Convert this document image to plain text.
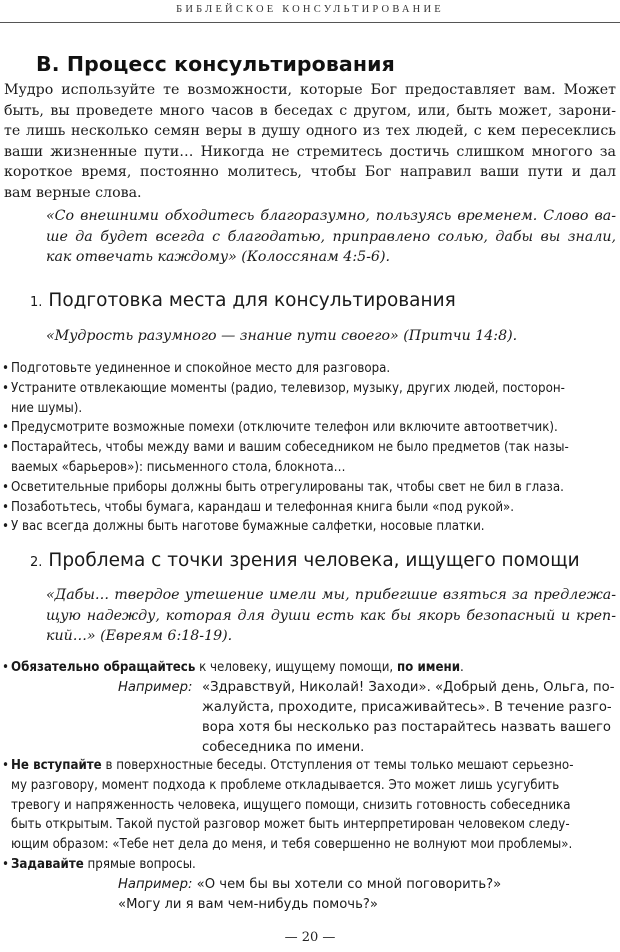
БИБЛЕЙСКОЕ КОНСУЛЬТИРОВАНИЕ
B. Процесс консультирования
Мудро используйте те возможности, которые Бог предоставляет вам. Может
быть, вы проведете много часов в беседах с другом, или, быть может, зарони-
те лишь несколько семян веры в душу одного из тех людей, с кем пересеклись
ваши жизненные пути… Никогда не стремитесь достичь слишком многого за
короткое время, постоянно молитесь, чтобы Бог направил ваши пути и дал
вам верные слова.
«Со внешними обходитесь благоразумно, пользуясь временем. Слово ва-
ше да будет всегда с благодатью, приправлено солью, дабы вы знали,
как отвечать каждому» (Колоссянам 4:5-6).
1. Подготовка места для консультирования
«Мудрость разумного — знание пути своего» (Притчи 14:8).
• Подготовьте уединенное и спокойное место для разговора.
• Устраните отвлекающие моменты (радио, телевизор, музыку, других людей, посторон-
ние шумы).
• Предусмотрите возможные помехи (отключите телефон или включите автоответчик).
• Постарайтесь, чтобы между вами и вашим собеседником не было предметов (так назы-
ваемых «барьеров»): письменного стола, блокнота…
• Осветительные приборы должны быть отрегулированы так, чтобы свет не бил в глаза.
• Позаботьтесь, чтобы бумага, карандаш и телефонная книга были «под рукой».
• У вас всегда должны быть наготове бумажные салфетки, носовые платки.
2. Проблема с точки зрения человека, ищущего помощи
«Дабы… твердое утешение имели мы, прибегшие взяться за предлежа-
щую надежду, которая для души есть как бы якорь безопасный и креп-
кий…» (Евреям 6:18-19).
• Обязательно обращайтесь к человеку, ищущему помощи, по имени.
Например: «Здравствуй, Николай! Заходи». «Добрый день, Ольга, по-
жалуйста, проходите, присаживайтесь». В течение разго-
вора хотя бы несколько раз постарайтесь назвать вашего
собеседника по имени.
• Не вступайте в поверхностные беседы. Отступления от темы только мешают серьезно-
му разговору, момент подхода к проблеме откладывается. Это может лишь усугубить
тревогу и напряженность человека, ищущего помощи, снизить готовность собеседника
быть открытым. Такой пустой разговор может быть интерпретирован человеком следу-
ющим образом: «Тебе нет дела до меня, и тебя совершенно не волнуют мои проблемы».
• Задавайте прямые вопросы.
Например: «О чем бы вы хотели со мной поговорить?»
«Могу ли я вам чем-нибудь помочь?»
— 20 —
